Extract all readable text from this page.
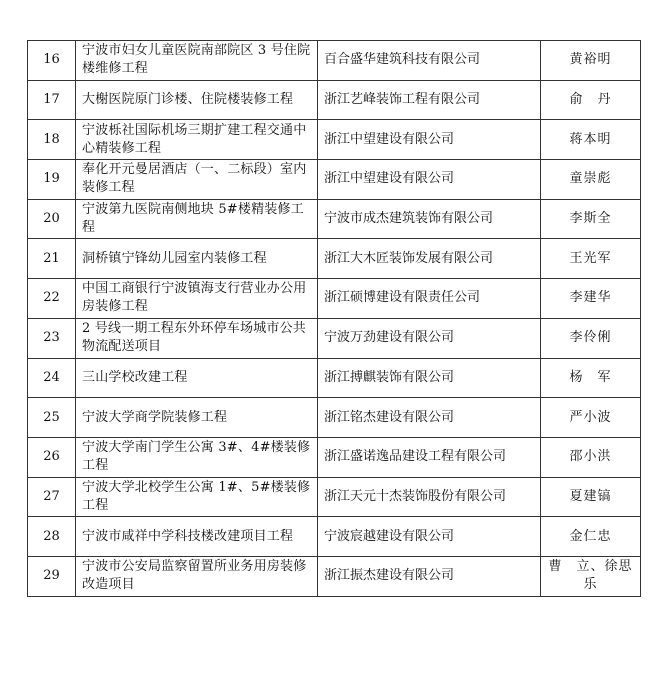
16	宁波市妇女儿童医院南部院区 3 号住院楼维修工程	百合盛华建筑科技有限公司	黄裕明
17	大榭医院原门诊楼、住院楼装修工程	浙江艺峰装饰工程有限公司	俞　丹
18	宁波栎社国际机场三期扩建工程交通中心精装修工程	浙江中望建设有限公司	蒋本明
19	奉化开元曼居酒店（一、二标段）室内装修工程	浙江中望建设有限公司	童崇彪
20	宁波第九医院南侧地块 5#楼精装修工程	宁波市成杰建筑装饰有限公司	李斯全
21	洞桥镇宁锋幼儿园室内装修工程	浙江大木匠装饰发展有限公司	王光军
22	中国工商银行宁波镇海支行营业办公用房装修工程	浙江硕博建设有限责任公司	李建华
23	2 号线一期工程东外环停车场城市公共物流配送项目	宁波万劲建设有限公司	李伶俐
24	三山学校改建工程	浙江搏麒装饰有限公司	杨　军
25	宁波大学商学院装修工程	浙江铭杰建设有限公司	严小波
26	宁波大学南门学生公寓 3#、4#楼装修工程	浙江盛诺逸品建设工程有限公司	邵小洪
27	宁波大学北校学生公寓 1#、5#楼装修工程	浙江天元十杰装饰股份有限公司	夏建镐
28	宁波市咸祥中学科技楼改建项目工程	宁波宸越建设有限公司	金仁忠
29	宁波市公安局监察留置所业务用房装修改造项目	浙江振杰建设有限公司	曹　立、徐思乐
